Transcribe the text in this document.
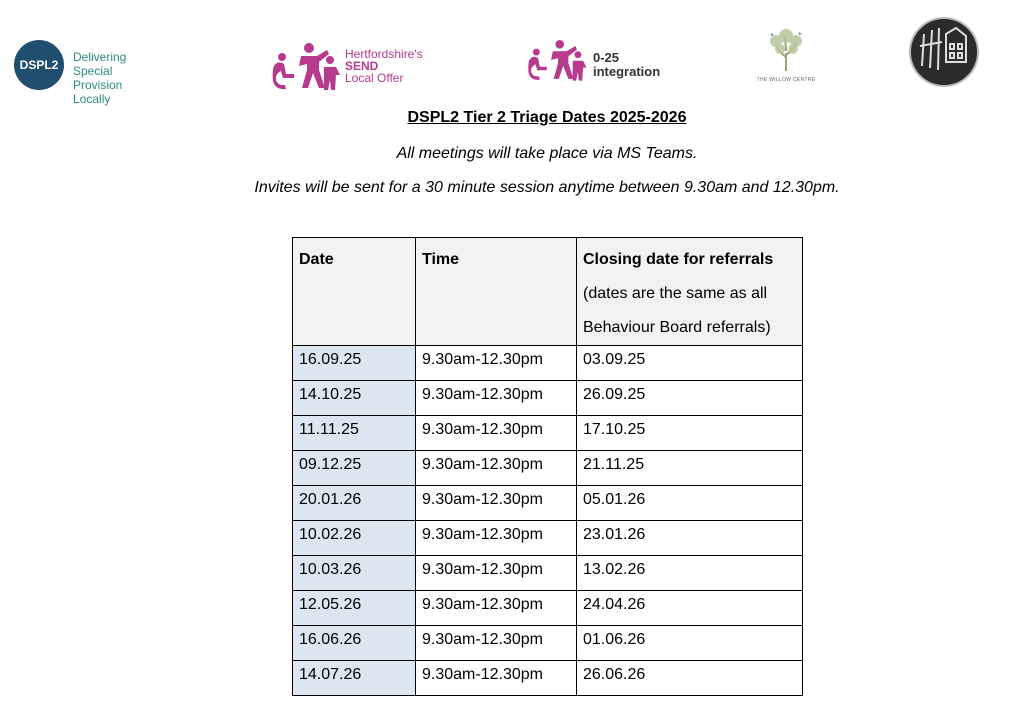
DSPL2
Delivering Special
Provision Locally
Hertfordshire's
SEND
Local Offer
0-25
integration
THE WILLOW CENTRE
DSPL2 Tier 2 Triage Dates 2025-2026
All meetings will take place via MS Teams.
Invites will be sent for a 30 minute session anytime between 9.30am and 12.30pm.
Date	Time	Closing date for referrals
(dates are the same as all
Behaviour Board referrals)

16.09.25	9.30am-12.30pm	03.09.25
14.10.25	9.30am-12.30pm	26.09.25
11.11.25	9.30am-12.30pm	17.10.25
09.12.25	9.30am-12.30pm	21.11.25
20.01.26	9.30am-12.30pm	05.01.26
10.02.26	9.30am-12.30pm	23.01.26
10.03.26	9.30am-12.30pm	13.02.26
12.05.26	9.30am-12.30pm	24.04.26
16.06.26	9.30am-12.30pm	01.06.26
14.07.26	9.30am-12.30pm	26.06.26
